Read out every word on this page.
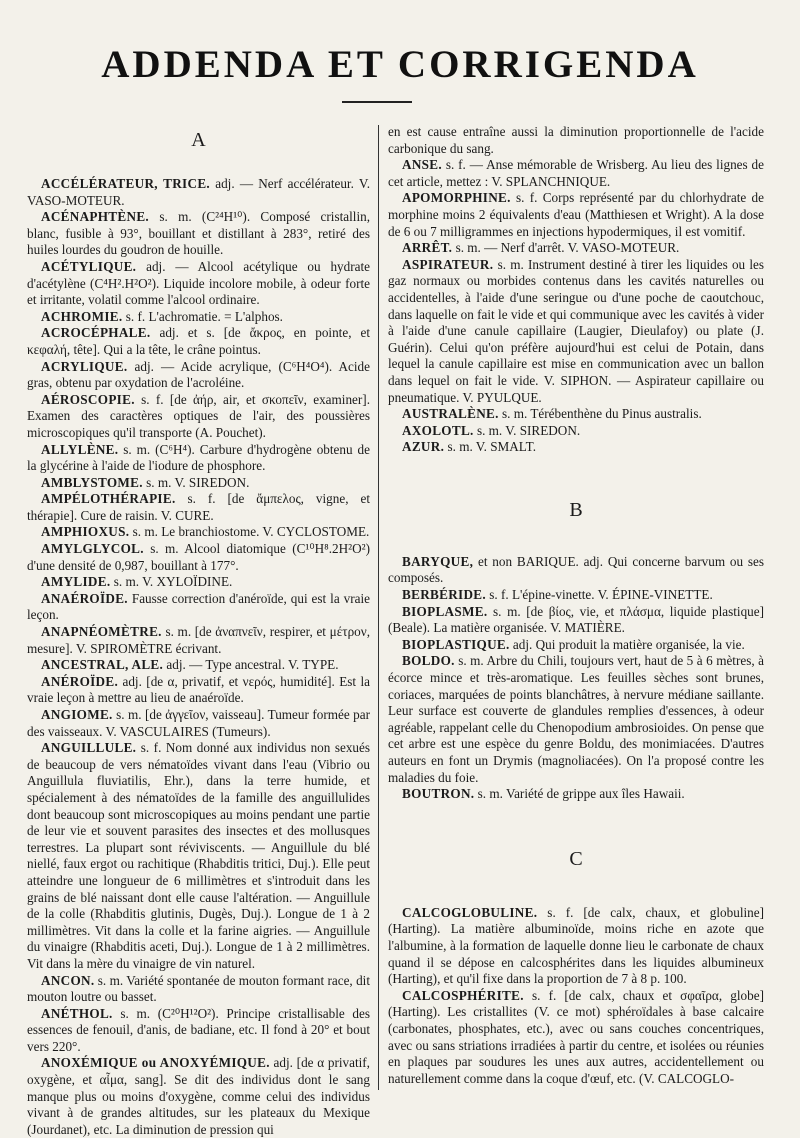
ADDENDA ET CORRIGENDA
A

ACCÉLÉRATEUR, TRICE. adj. — Nerf accélérateur. V. VASO-MOTEUR.

ACÉNAPHTÈNE. s. m. (C²⁴H¹⁰). Composé cristallin, blanc, fusible à 93°, bouillant et distillant à 283°, retiré des huiles lourdes du goudron de houille.

ACÉTYLIQUE. adj. — Alcool acétylique ou hydrate d'acétylène (C⁴H².H²O²). Liquide incolore mobile, à odeur forte et irritante, volatil comme l'alcool ordinaire.

ACHROMIE. s. f. L'achromatie. = L'alphos.

ACROCÉPHALE. adj. et s. [de ἄκρος, en pointe, et κεφαλή, tête]. Qui a la tête, le crâne pointus.

ACRYLIQUE. adj. — Acide acrylique, (C⁶H⁴O⁴). Acide gras, obtenu par oxydation de l'acroléine.

AÉROSCOPIE. s. f. [de ἀήρ, air, et σκοπεῖν, examiner]. Examen des caractères optiques de l'air, des poussières microscopiques qu'il transporte (A. Pouchet).

ALLYLÈNE. s. m. (C⁶H⁴). Carbure d'hydrogène obtenu de la glycérine à l'aide de l'iodure de phosphore.

AMBLYSTOME. s. m. V. SIREDON.

AMPÉLOTHÉRAPIE. s. f. [de ἄμπελος, vigne, et thérapie]. Cure de raisin. V. CURE.

AMPHIOXUS. s. m. Le branchiostome. V. CYCLOSTOME.

AMYLGLYCOL. s. m. Alcool diatomique (C¹⁰H⁸.2H²O²) d'une densité de 0,987, bouillant à 177°.

AMYLIDE. s. m. V. XYLOÏDINE.

ANAÉROÏDE. Fausse correction d'anéroïde, qui est la vraie leçon.

ANAPNÉOMÈTRE. s. m. [de ἀναπνεῖν, respirer, et μέτρον, mesure]. V. SPIROMÈTRE écrivant.

ANCESTRAL, ALE. adj. — Type ancestral. V. TYPE.

ANÉROÏDE. adj. [de α, privatif, et νερός, humidité]. Est la vraie leçon à mettre au lieu de anaéroïde.

ANGIOME. s. m. [de ἀγγεῖον, vaisseau]. Tumeur formée par des vaisseaux. V. VASCULAIRES (Tumeurs).

ANGUILLULE. s. f. Nom donné aux individus non sexués de beaucoup de vers nématoïdes vivant dans l'eau (Vibrio ou Anguillula fluviatilis, Ehr.), dans la terre humide, et spécialement à des nématoïdes de la famille des anguillulides dont beaucoup sont microscopiques au moins pendant une partie de leur vie et souvent parasites des insectes et des mollusques terrestres. La plupart sont réviviscents. — Anguillule du blé niellé, faux ergot ou rachitique (Rhabditis tritici, Duj.). Elle peut atteindre une longueur de 6 millimètres et s'introduit dans les grains de blé naissant dont elle cause l'altération. — Anguillule de la colle (Rhabditis glutinis, Dugès, Duj.). Longue de 1 à 2 millimètres. Vit dans la colle et la farine aigries. — Anguillule du vinaigre (Rhabditis aceti, Duj.). Longue de 1 à 2 millimètres. Vit dans la mère du vinaigre de vin naturel.

ANCON. s. m. Variété spontanée de mouton formant race, dit mouton loutre ou basset.

ANÉTHOL. s. m. (C²⁰H¹²O²). Principe cristallisable des essences de fenouil, d'anis, de badiane, etc. Il fond à 20° et bout vers 220°.

ANOXÉMIQUE ou ANOXYÉMIQUE. adj. [de α privatif, oxygène, et αἷμα, sang]. Se dit des individus dont le sang manque plus ou moins d'oxygène, comme celui des individus vivant à de grandes altitudes, sur les plateaux du Mexique (Jourdanet), etc. La diminution de pression qui

en est cause entraîne aussi la diminution proportionnelle de l'acide carbonique du sang.

ANSE. s. f. — Anse mémorable de Wrisberg. Au lieu des lignes de cet article, mettez : V. SPLANCHNIQUE.

APOMORPHINE. s. f. Corps représenté par du chlorhydrate de morphine moins 2 équivalents d'eau (Matthiesen et Wright). A la dose de 6 ou 7 milligrammes en injections hypodermiques, il est vomitif.

ARRÊT. s. m. — Nerf d'arrêt. V. VASO-MOTEUR.

ASPIRATEUR. s. m. Instrument destiné à tirer les liquides ou les gaz normaux ou morbides contenus dans les cavités naturelles ou accidentelles, à l'aide d'une seringue ou d'une poche de caoutchouc, dans laquelle on fait le vide et qui communique avec les cavités à vider à l'aide d'une canule capillaire (Laugier, Dieulafoy) ou plate (J. Guérin). Celui qu'on préfère aujourd'hui est celui de Potain, dans lequel la canule capillaire est mise en communication avec un ballon dans lequel on fait le vide. V. SIPHON. — Aspirateur capillaire ou pneumatique. V. PYULQUE.

AUSTRALÈNE. s. m. Térébenthène du Pinus australis.

AXOLOTL. s. m. V. SIREDON.

AZUR. s. m. V. SMALT.

B

BARYQUE, et non BARIQUE. adj. Qui concerne barvum ou ses composés.

BERBÉRIDE. s. f. L'épine-vinette. V. ÉPINE-VINETTE.

BIOPLASME. s. m. [de βίος, vie, et πλάσμα, liquide plastique] (Beale). La matière organisée. V. MATIÈRE.

BIOPLASTIQUE. adj. Qui produit la matière organisée, la vie.

BOLDO. s. m. Arbre du Chili, toujours vert, haut de 5 à 6 mètres, à écorce mince et très-aromatique. Les feuilles sèches sont brunes, coriaces, marquées de points blanchâtres, à nervure médiane saillante. Leur surface est couverte de glandules remplies d'essences, à odeur agréable, rappelant celle du Chenopodium ambrosioides. On pense que cet arbre est une espèce du genre Boldu, des monimiacées. D'autres auteurs en font un Drymis (magnoliacées). On l'a proposé contre les maladies du foie.

BOUTRON. s. m. Variété de grippe aux îles Hawaii.

C

CALCOGLOBULINE. s. f. [de calx, chaux, et globuline] (Harting). La matière albuminoïde, moins riche en azote que l'albumine, à la formation de laquelle donne lieu le carbonate de chaux quand il se dépose en calcosphérites dans les liquides albumineux (Harting), et qu'il fixe dans la proportion de 7 à 8 p. 100.

CALCOSPHÉRITE. s. f. [de calx, chaux et σφαῖρα, globe] (Harting). Les cristallites (V. ce mot) sphéroïdales à base calcaire (carbonates, phosphates, etc.), avec ou sans couches concentriques, avec ou sans striations irradiées à partir du centre, et isolées ou réunies en plaques par soudures les unes aux autres, accidentellement ou naturellement comme dans la coque d'œuf, etc. (V. CALCOGLO-
